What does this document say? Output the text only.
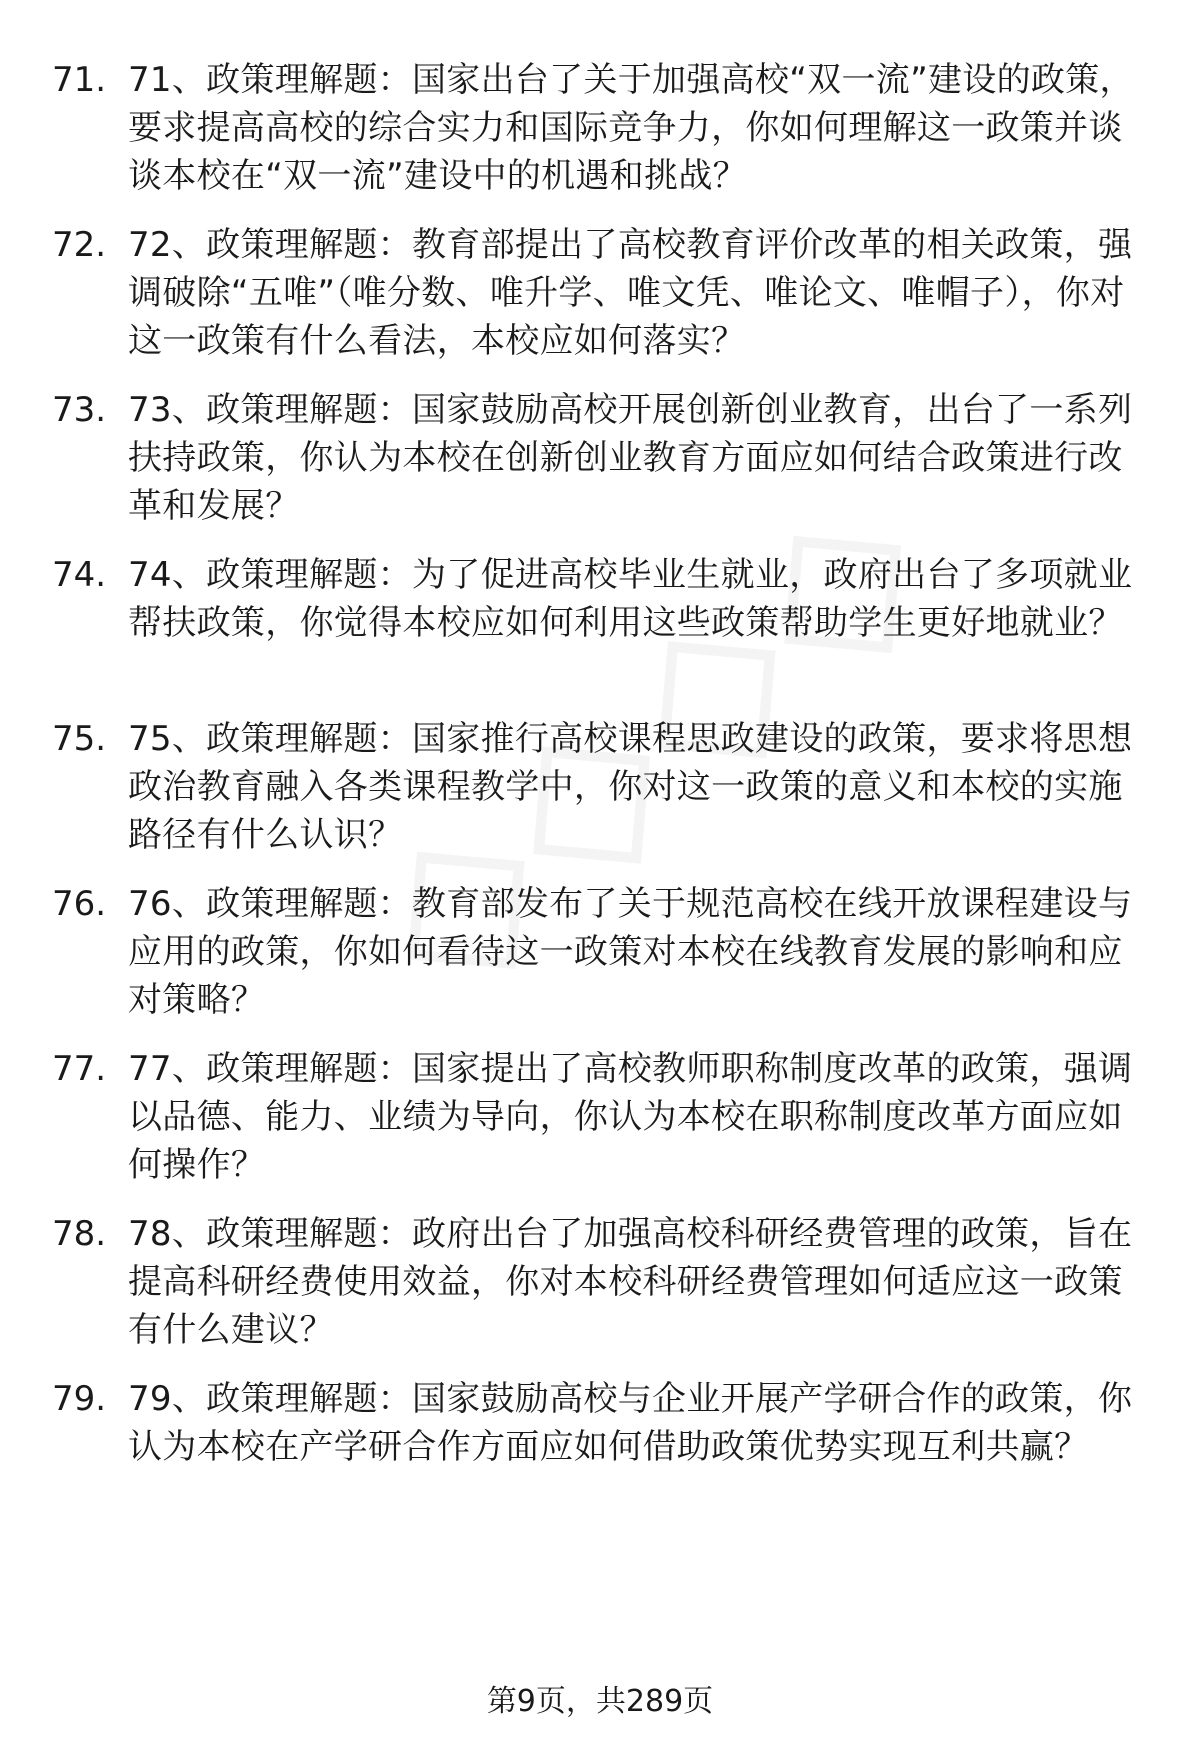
71. 71、政策理解题：国家出台了关于加强高校“双一流”建设的政策，要求提高高校的综合实力和国际竞争力，你如何理解这一政策并谈谈本校在“双一流”建设中的机遇和挑战？
72. 72、政策理解题：教育部提出了高校教育评价改革的相关政策，强调破除“五唯”（唯分数、唯升学、唯文凭、唯论文、唯帽子），你对这一政策有什么看法，本校应如何落实？
73. 73、政策理解题：国家鼓励高校开展创新创业教育，出台了一系列扶持政策，你认为本校在创新创业教育方面应如何结合政策进行改革和发展？
74. 74、政策理解题：为了促进高校毕业生就业，政府出台了多项就业帮扶政策，你觉得本校应如何利用这些政策帮助学生更好地就业？
75. 75、政策理解题：国家推行高校课程思政建设的政策，要求将思想政治教育融入各类课程教学中，你对这一政策的意义和本校的实施路径有什么认识？
76. 76、政策理解题：教育部发布了关于规范高校在线开放课程建设与应用的政策，你如何看待这一政策对本校在线教育发展的影响和应对策略？
77. 77、政策理解题：国家提出了高校教师职称制度改革的政策，强调以品德、能力、业绩为导向，你认为本校在职称制度改革方面应如何操作？
78. 78、政策理解题：政府出台了加强高校科研经费管理的政策，旨在提高科研经费使用效益，你对本校科研经费管理如何适应这一政策有什么建议？
79. 79、政策理解题：国家鼓励高校与企业开展产学研合作的政策，你认为本校在产学研合作方面应如何借助政策优势实现互利共赢？
第9页，共289页
